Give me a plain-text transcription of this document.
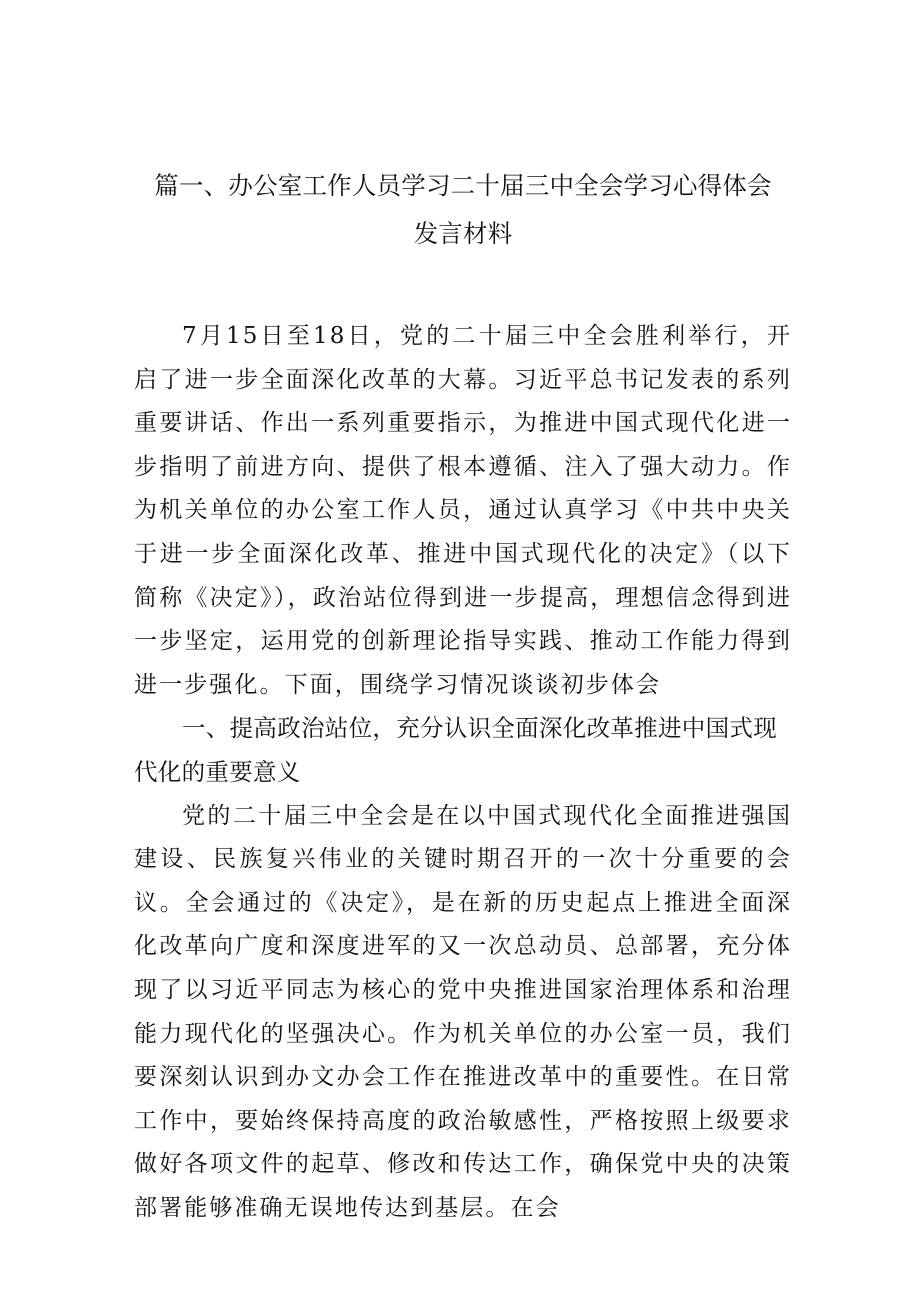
篇一、办公室工作人员学习二十届三中全会学习心得体会
发言材料

7月15日至18日，党的二十届三中全会胜利举行，开启了进一步全面深化改革的大幕。习近平总书记发表的系列重要讲话、作出一系列重要指示，为推进中国式现代化进一步指明了前进方向、提供了根本遵循、注入了强大动力。作为机关单位的办公室工作人员，通过认真学习《中共中央关于进一步全面深化改革、推进中国式现代化的决定》（以下简称《决定》），政治站位得到进一步提高，理想信念得到进一步坚定，运用党的创新理论指导实践、推动工作能力得到进一步强化。下面，围绕学习情况谈谈初步体会

一、提高政治站位，充分认识全面深化改革推进中国式现代化的重要意义

党的二十届三中全会是在以中国式现代化全面推进强国建设、民族复兴伟业的关键时期召开的一次十分重要的会议。全会通过的《决定》，是在新的历史起点上推进全面深化改革向广度和深度进军的又一次总动员、总部署，充分体现了以习近平同志为核心的党中央推进国家治理体系和治理能力现代化的坚强决心。作为机关单位的办公室一员，我们要深刻认识到办文办会工作在推进改革中的重要性。在日常工作中，要始终保持高度的政治敏感性，严格按照上级要求做好各项文件的起草、修改和传达工作，确保党中央的决策部署能够准确无误地传达到基层。在会
